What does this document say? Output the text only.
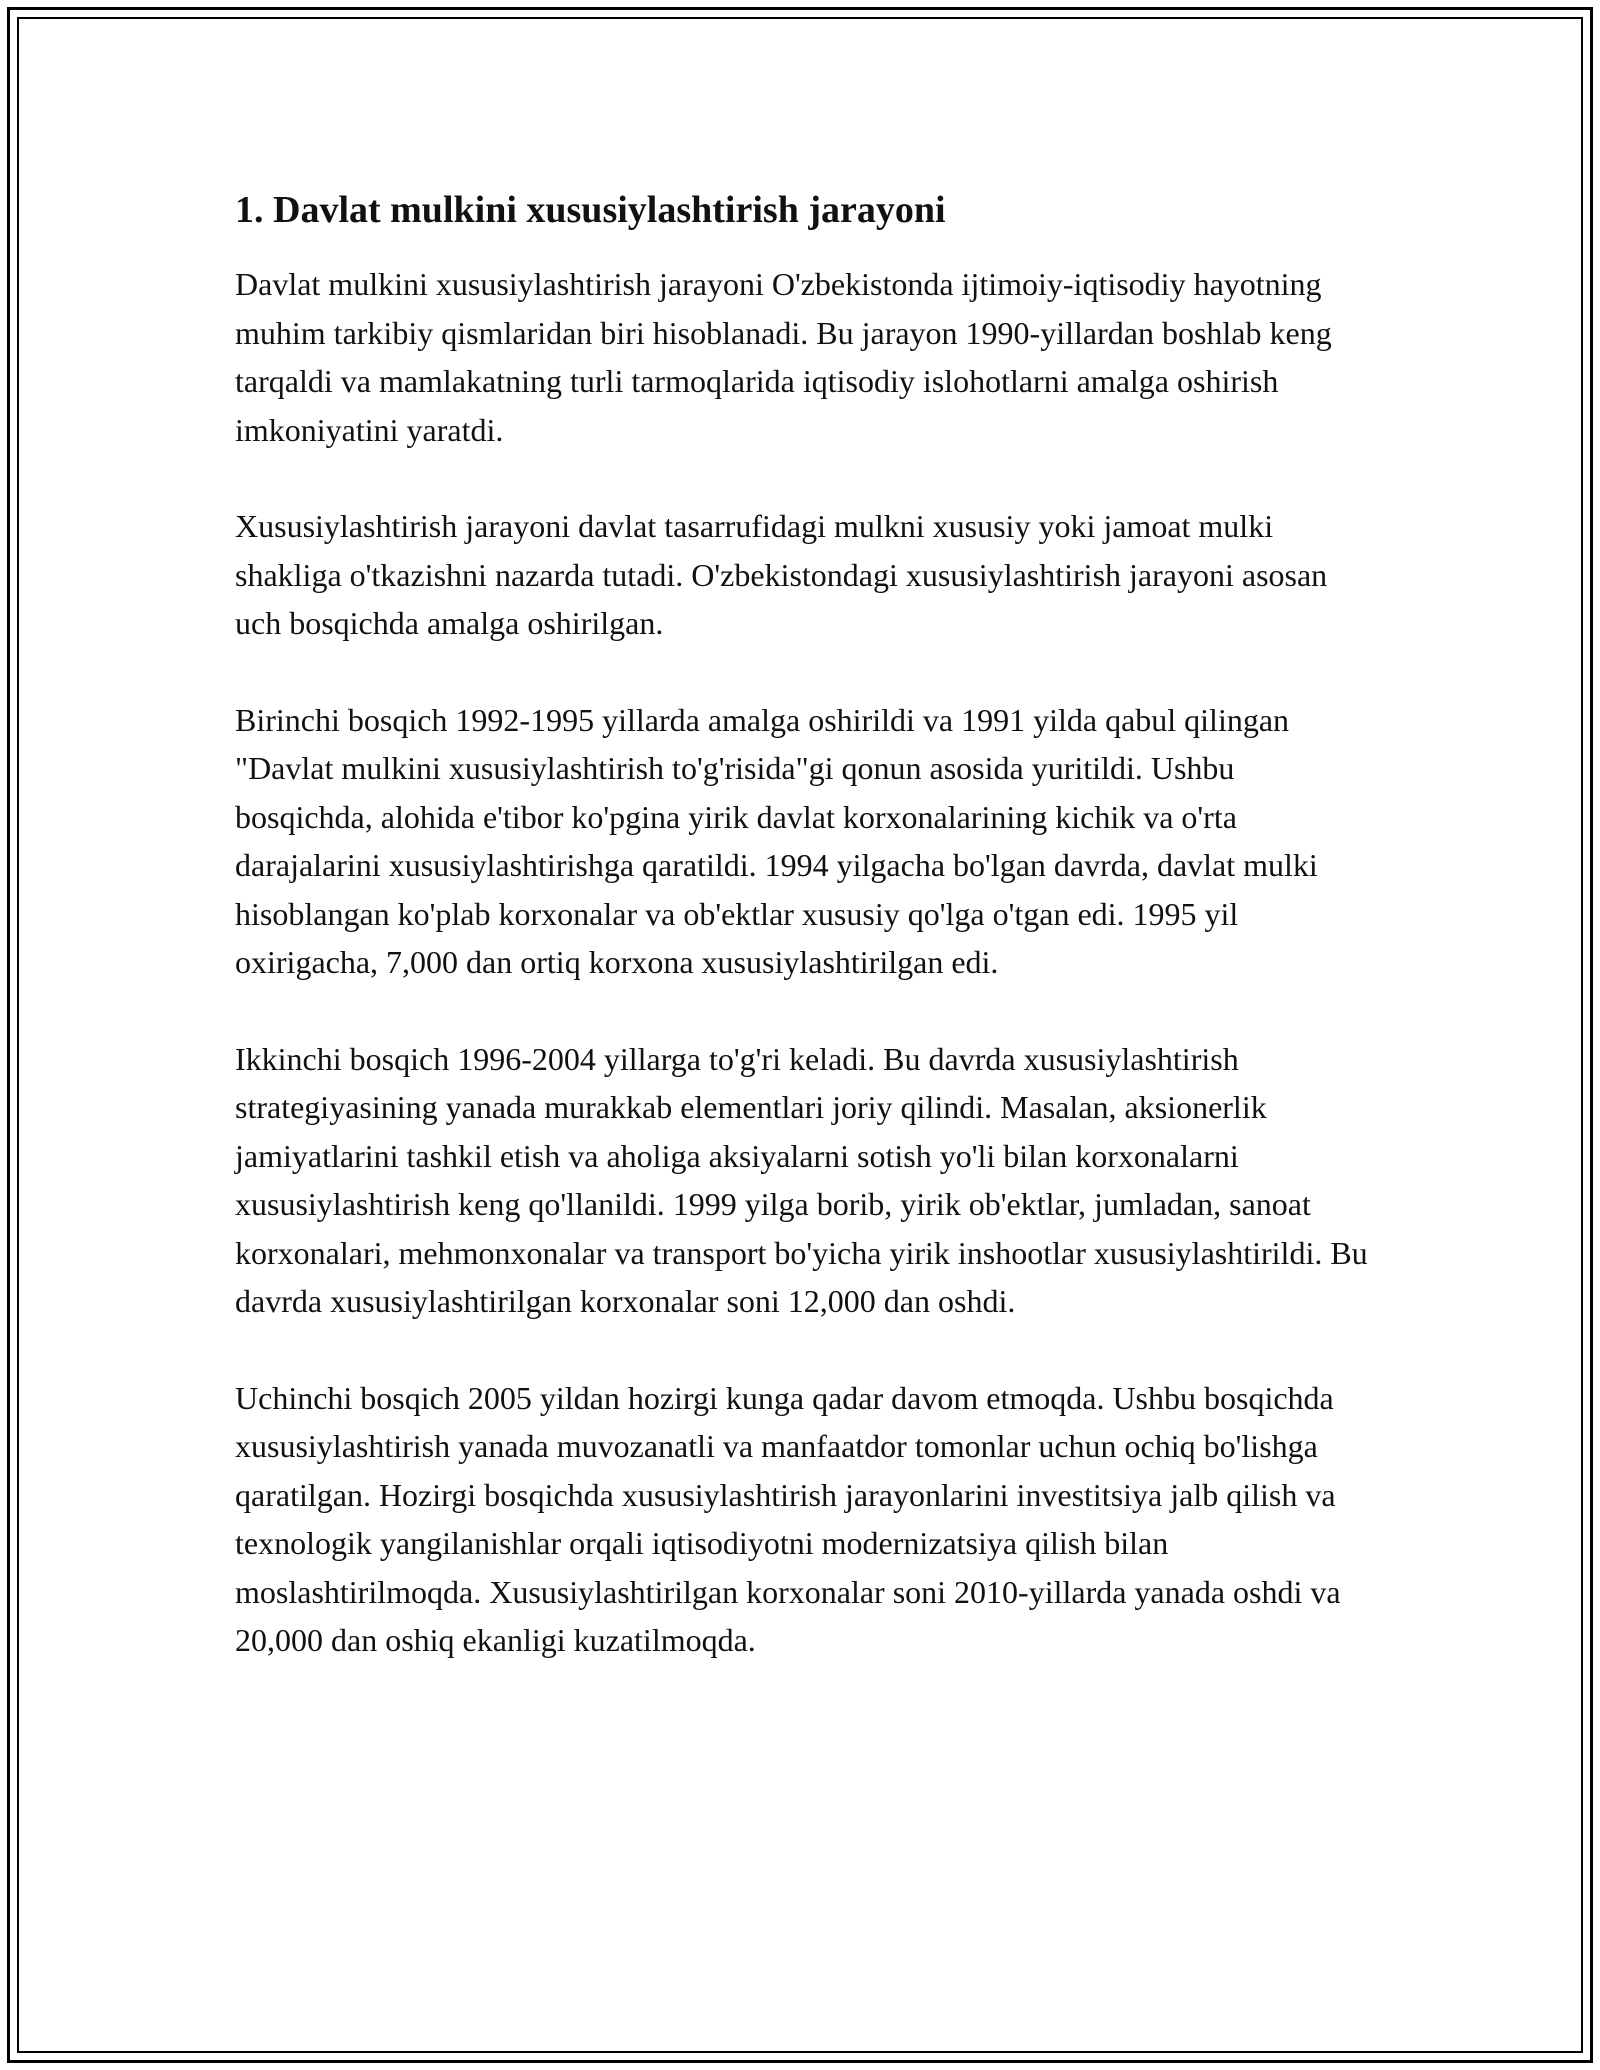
1. Davlat mulkini xususiylashtirish jarayoni

Davlat mulkini xususiylashtirish jarayoni O'zbekistonda ijtimoiy-iqtisodiy hayotning muhim tarkibiy qismlaridan biri hisoblanadi. Bu jarayon 1990-yillardan boshlab keng tarqaldi va mamlakatning turli tarmoqlarida iqtisodiy islohotlarni amalga oshirish imkoniyatini yaratdi.

Xususiylashtirish jarayoni davlat tasarrufidagi mulkni xususiy yoki jamoat mulki shakliga o'tkazishni nazarda tutadi. O'zbekistondagi xususiylashtirish jarayoni asosan uch bosqichda amalga oshirilgan.

Birinchi bosqich 1992-1995 yillarda amalga oshirildi va 1991 yilda qabul qilingan "Davlat mulkini xususiylashtirish to'g'risida"gi qonun asosida yuritildi. Ushbu bosqichda, alohida e'tibor ko'pgina yirik davlat korxonalarining kichik va o'rta darajalarini xususiylashtirishga qaratildi. 1994 yilgacha bo'lgan davrda, davlat mulki hisoblangan ko'plab korxonalar va ob'ektlar xususiy qo'lga o'tgan edi. 1995 yil oxirigacha, 7,000 dan ortiq korxona xususiylashtirilgan edi.

Ikkinchi bosqich 1996-2004 yillarga to'g'ri keladi. Bu davrda xususiylashtirish strategiyasining yanada murakkab elementlari joriy qilindi. Masalan, aksionerlik jamiyatlarini tashkil etish va aholiga aksiyalarni sotish yo'li bilan korxonalarni xususiylashtirish keng qo'llanildi. 1999 yilga borib, yirik ob'ektlar, jumladan, sanoat korxonalari, mehmonxonalar va transport bo'yicha yirik inshootlar xususiylashtirildi. Bu davrda xususiylashtirilgan korxonalar soni 12,000 dan oshdi.

Uchinchi bosqich 2005 yildan hozirgi kunga qadar davom etmoqda. Ushbu bosqichda xususiylashtirish yanada muvozanatli va manfaatdor tomonlar uchun ochiq bo'lishga qaratilgan. Hozirgi bosqichda xususiylashtirish jarayonlarini investitsiya jalb qilish va texnologik yangilanishlar orqali iqtisodiyotni modernizatsiya qilish bilan moslashtirilmoqda. Xususiylashtirilgan korxonalar soni 2010-yillarda yanada oshdi va 20,000 dan oshiq ekanligi kuzatilmoqda.
